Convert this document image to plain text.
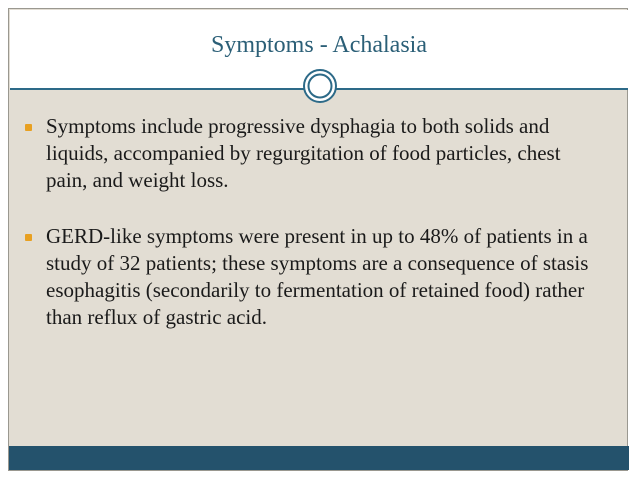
Symptoms - Achalasia
Symptoms include progressive dysphagia to both solids and liquids, accompanied by regurgitation of food particles, chest pain, and weight loss.
GERD-like symptoms were present in up to 48% of patients in a study of 32 patients; these symptoms are a consequence of stasis esophagitis (secondarily to fermentation of retained food) rather than reflux of gastric acid.
